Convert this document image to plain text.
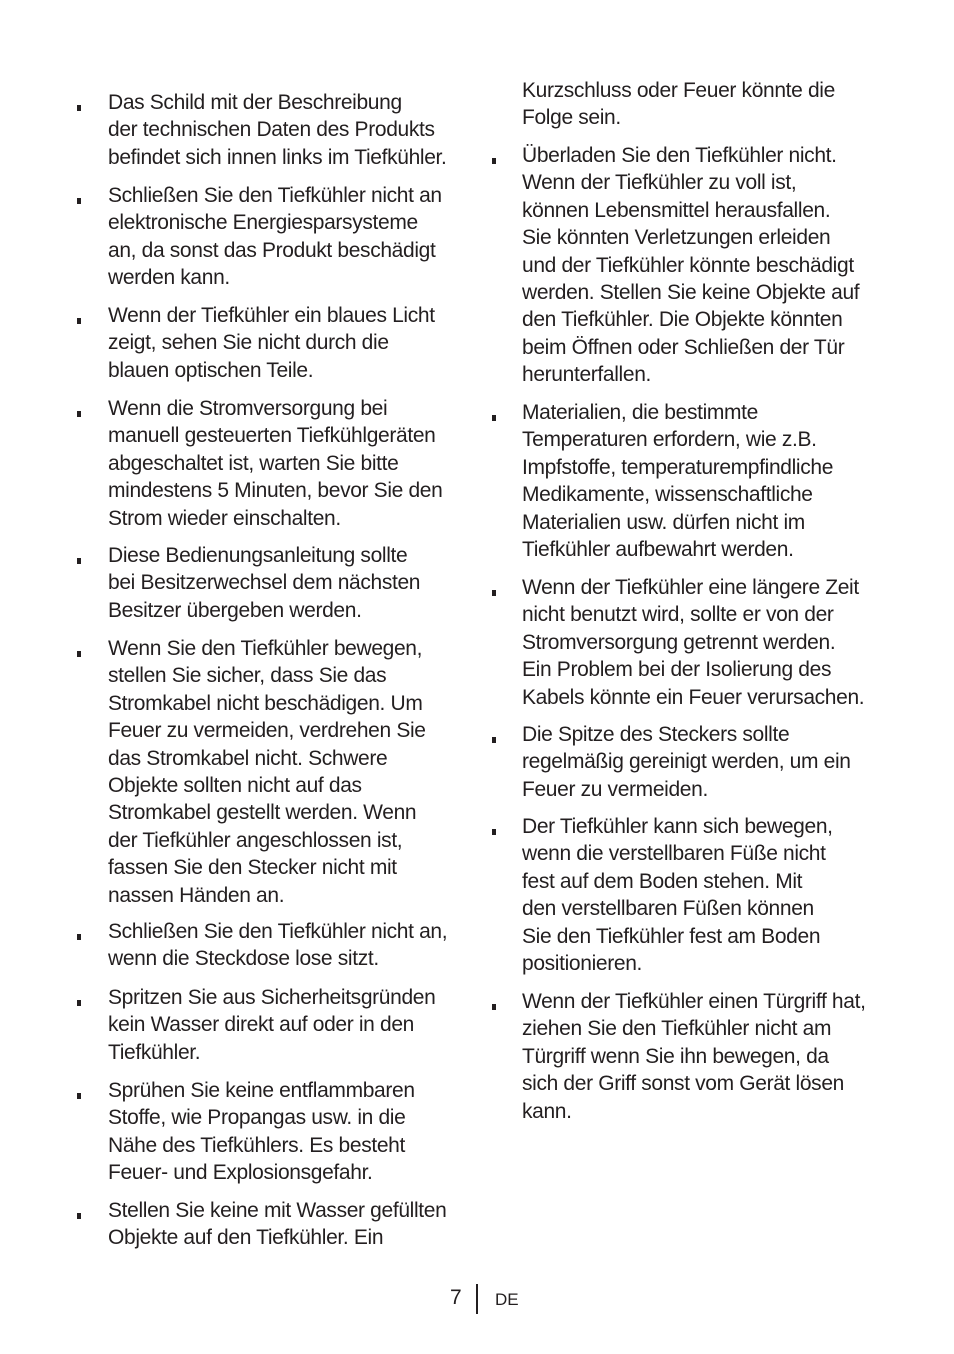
Das Schild mit der Beschreibung
der technischen Daten des Produkts
befindet sich innen links im Tiefkühler.
Schließen Sie den Tiefkühler nicht an
elektronische Energiesparsysteme
an, da sonst das Produkt beschädigt
werden kann.
Wenn der Tiefkühler ein blaues Licht
zeigt, sehen Sie nicht durch die
blauen optischen Teile.
Wenn die Stromversorgung bei
manuell gesteuerten Tiefkühlgeräten
abgeschaltet ist, warten Sie bitte
mindestens 5 Minuten, bevor Sie den
Strom wieder einschalten.
Diese Bedienungsanleitung sollte
bei Besitzerwechsel dem nächsten
Besitzer übergeben werden.
Wenn Sie den Tiefkühler bewegen,
stellen Sie sicher, dass Sie das
Stromkabel nicht beschädigen. Um
Feuer zu vermeiden, verdrehen Sie
das Stromkabel nicht. Schwere
Objekte sollten nicht auf das
Stromkabel gestellt werden. Wenn
der Tiefkühler angeschlossen ist,
fassen Sie den Stecker nicht mit
nassen Händen an.
Schließen Sie den Tiefkühler nicht an,
wenn die Steckdose lose sitzt.
Spritzen Sie aus Sicherheitsgründen
kein Wasser direkt auf oder in den
Tiefkühler.
Sprühen Sie keine entflammbaren
Stoffe, wie Propangas usw. in die
Nähe des Tiefkühlers. Es besteht
Feuer- und Explosionsgefahr.
Stellen Sie keine mit Wasser gefüllten
Objekte auf den Tiefkühler. Ein
Kurzschluss oder Feuer könnte die
Folge sein.
Überladen Sie den Tiefkühler nicht.
Wenn der Tiefkühler zu voll ist,
können Lebensmittel herausfallen.
Sie könnten Verletzungen erleiden
und der Tiefkühler könnte beschädigt
werden. Stellen Sie keine Objekte auf
den Tiefkühler. Die Objekte könnten
beim Öffnen oder Schließen der Tür
herunterfallen.
Materialien, die bestimmte
Temperaturen erfordern, wie z.B.
Impfstoffe, temperaturempfindliche
Medikamente, wissenschaftliche
Materialien usw. dürfen nicht im
Tiefkühler aufbewahrt werden.
Wenn der Tiefkühler eine längere Zeit
nicht benutzt wird, sollte er von der
Stromversorgung getrennt werden.
Ein Problem bei der Isolierung des
Kabels könnte ein Feuer verursachen.
Die Spitze des Steckers sollte
regelmäßig gereinigt werden, um ein
Feuer zu vermeiden.
Der Tiefkühler kann sich bewegen,
wenn die verstellbaren Füße nicht
fest auf dem Boden stehen. Mit
den verstellbaren Füßen können
Sie den Tiefkühler fest am Boden
positionieren.
Wenn der Tiefkühler einen Türgriff hat,
ziehen Sie den Tiefkühler nicht am
Türgriff wenn Sie ihn bewegen, da
sich der Griff sonst vom Gerät lösen
kann.
7 DE
